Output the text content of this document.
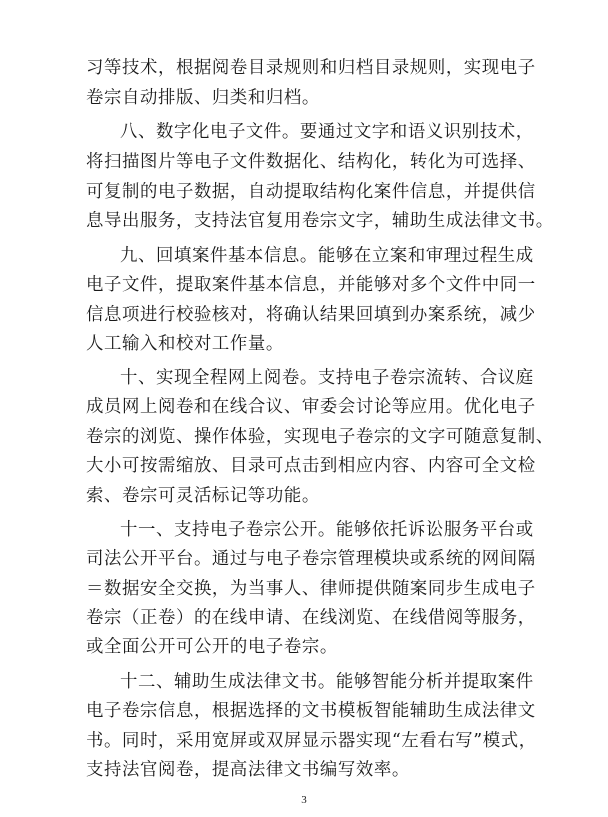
习等技术，根据阅卷目录规则和归档目录规则，实现电子
卷宗自动排版、归类和归档。
八、数字化电子文件。要通过文字和语义识别技术，
将扫描图片等电子文件数据化、结构化，转化为可选择、
可复制的电子数据，自动提取结构化案件信息，并提供信
息导出服务，支持法官复用卷宗文字，辅助生成法律文书。
九、回填案件基本信息。能够在立案和审理过程生成
电子文件，提取案件基本信息，并能够对多个文件中同一
信息项进行校验核对，将确认结果回填到办案系统，减少
人工输入和校对工作量。
十、实现全程网上阅卷。支持电子卷宗流转、合议庭
成员网上阅卷和在线合议、审委会讨论等应用。优化电子
卷宗的浏览、操作体验，实现电子卷宗的文字可随意复制、
大小可按需缩放、目录可点击到相应内容、内容可全文检
索、卷宗可灵活标记等功能。
十一、支持电子卷宗公开。能够依托诉讼服务平台或
司法公开平台。通过与电子卷宗管理模块或系统的网间隔
＝数据安全交换，为当事人、律师提供随案同步生成电子
卷宗（正卷）的在线申请、在线浏览、在线借阅等服务，
或全面公开可公开的电子卷宗。
十二、辅助生成法律文书。能够智能分析并提取案件
电子卷宗信息，根据选择的文书模板智能辅助生成法律文
书。同时，采用宽屏或双屏显示器实现“左看右写”模式，
支持法官阅卷，提高法律文书编写效率。
3
